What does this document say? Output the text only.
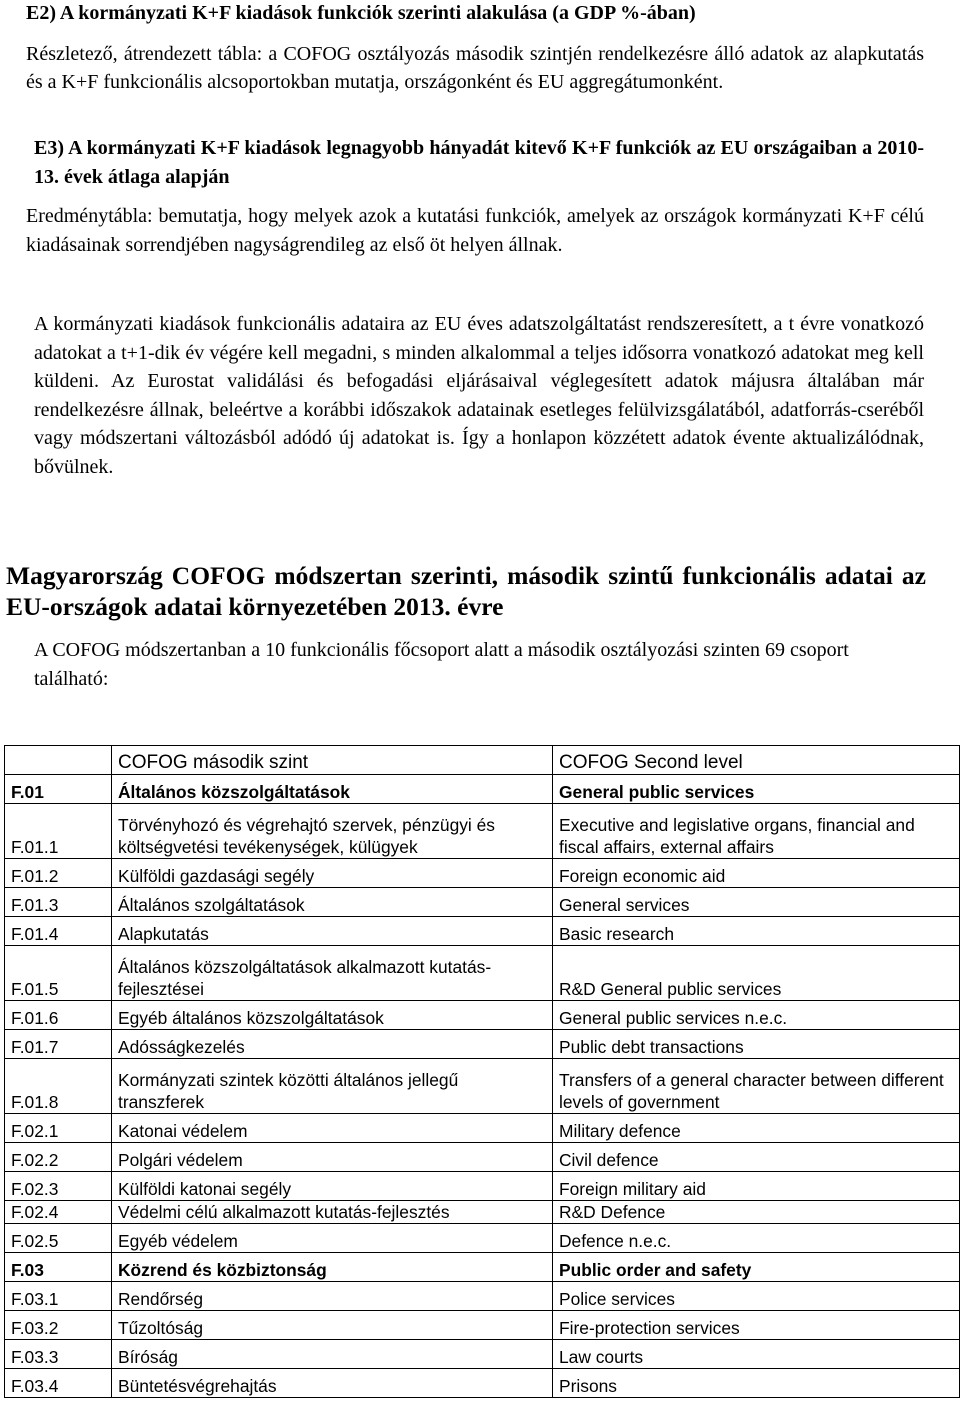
E2) A kormányzati K+F kiadások funkciók szerinti alakulása (a GDP %-ában)
Részletező, átrendezett tábla: a COFOG osztályozás második szintjén rendelkezésre álló adatok az alapkutatás és a K+F funkcionális alcsoportokban mutatja, országonként és EU aggregátumonként.
E3) A kormányzati K+F kiadások legnagyobb hányadát kitevő K+F funkciók az EU országaiban a 2010-13. évek átlaga alapján
Eredménytábla: bemutatja, hogy melyek azok a kutatási funkciók, amelyek az országok kormányzati K+F célú kiadásainak sorrendjében nagyságrendileg az első öt helyen állnak.
A kormányzati kiadások funkcionális adataira az EU éves adatszolgáltatást rendszeresített, a t évre vonatkozó adatokat a t+1-dik év végére kell megadni, s minden alkalommal a teljes idősorra vonatkozó adatokat meg kell küldeni. Az Eurostat validálási és befogadási eljárásaival véglegesített adatok májusra általában már rendelkezésre állnak, beleértve a korábbi időszakok adatainak esetleges felülvizsgálatából, adatforrás-cseréből vagy módszertani változásból adódó új adatokat is. Így a honlapon közzétett adatok évente aktualizálódnak, bővülnek.
Magyarország COFOG módszertan szerinti, második szintű funkcionális adatai az EU-országok adatai környezetében 2013. évre
A COFOG módszertanban a 10 funkcionális főcsoport alatt a második osztályozási szinten 69 csoport található:
	COFOG második szint	COFOG Second level
F.01	Általános közszolgáltatások	General public services
F.01.1	Törvényhozó és végrehajtó szervek, pénzügyi és költségvetési tevékenységek, külügyek	Executive and legislative organs, financial and fiscal affairs, external affairs
F.01.2	Külföldi gazdasági segély	Foreign economic aid
F.01.3	Általános szolgáltatások	General services
F.01.4	Alapkutatás	Basic research
F.01.5	Általános közszolgáltatások alkalmazott kutatás-fejlesztései	R&D General public services
F.01.6	Egyéb általános közszolgáltatások	General public services n.e.c.
F.01.7	Adósságkezelés	Public debt transactions
F.01.8	Kormányzati szintek közötti általános jellegű transzferek	Transfers of a general character between different levels of government
F.02.1	Katonai védelem	Military defence
F.02.2	Polgári védelem	Civil defence
F.02.3	Külföldi katonai segély	Foreign military aid
F.02.4	Védelmi célú alkalmazott kutatás-fejlesztés	R&D Defence
F.02.5	Egyéb védelem	Defence n.e.c.
F.03	Közrend és közbiztonság	Public order and safety
F.03.1	Rendőrség	Police services
F.03.2	Tűzoltóság	Fire-protection services
F.03.3	Bíróság	Law courts
F.03.4	Büntetésvégrehajtás	Prisons
